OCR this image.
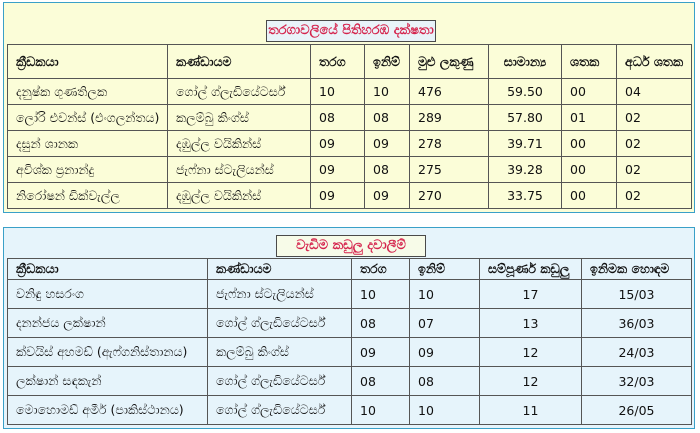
තරගාවලියේ පිතිහරඹ දක්ෂතා
ක්‍රීඩකයා	කණ්ඩායම	තරග	ඉනිම්	මුළු ලකුණු	සාමාන්‍ය	ශතක	අර්ධ ශතක
දනුෂ්ක ගුණතිලක	ගෝල් ග්ලැඩියේටර්ස්	10	10	476	59.50	00	04
ලෝරි එවන්ස් (එංගලන්තය)	කලම්බු කිංග්ස්	08	08	289	57.80	01	02
දසුන් ශානක	දඹුල්ල වයිකින්ස්	09	09	278	39.71	00	02
අවිශ්ක ප්‍රනාන්දු	ජැෆ්නා ස්ටැලියන්ස්	09	08	275	39.28	00	02
නිරෝෂන් ඩික්වැල්ල	දඹුල්ල වයිකින්ස්	09	09	270	33.75	00	02
වැඩිම කඩුලු දවාලීම්
ක්‍රීඩකයා	කණ්ඩායම	තරග	ඉනිම්	සම්පූර්ණ කඩුලු	ඉනිමක හොඳම
වනිඳු හසරංග	ජැෆ්නා ස්ටැලියන්ස්	10	10	17	15/03
දනන්ජය ලක්ෂාන්	ගෝල් ග්ලැඩියේටර්ස්	08	07	13	36/03
ක්වයිස් අහමඩ් (ඇෆ්ගනිස්තානය)	කලම්බු කිංග්ස්	09	09	12	24/03
ලක්ෂාන් සඳකැන්	ගෝල් ග්ලැඩියේටර්ස්	08	08	12	32/03
මොහොමඩ් අමීර් (පාකිස්ථානය)	ගෝල් ග්ලැඩියේටර්ස්	10	10	11	26/05
